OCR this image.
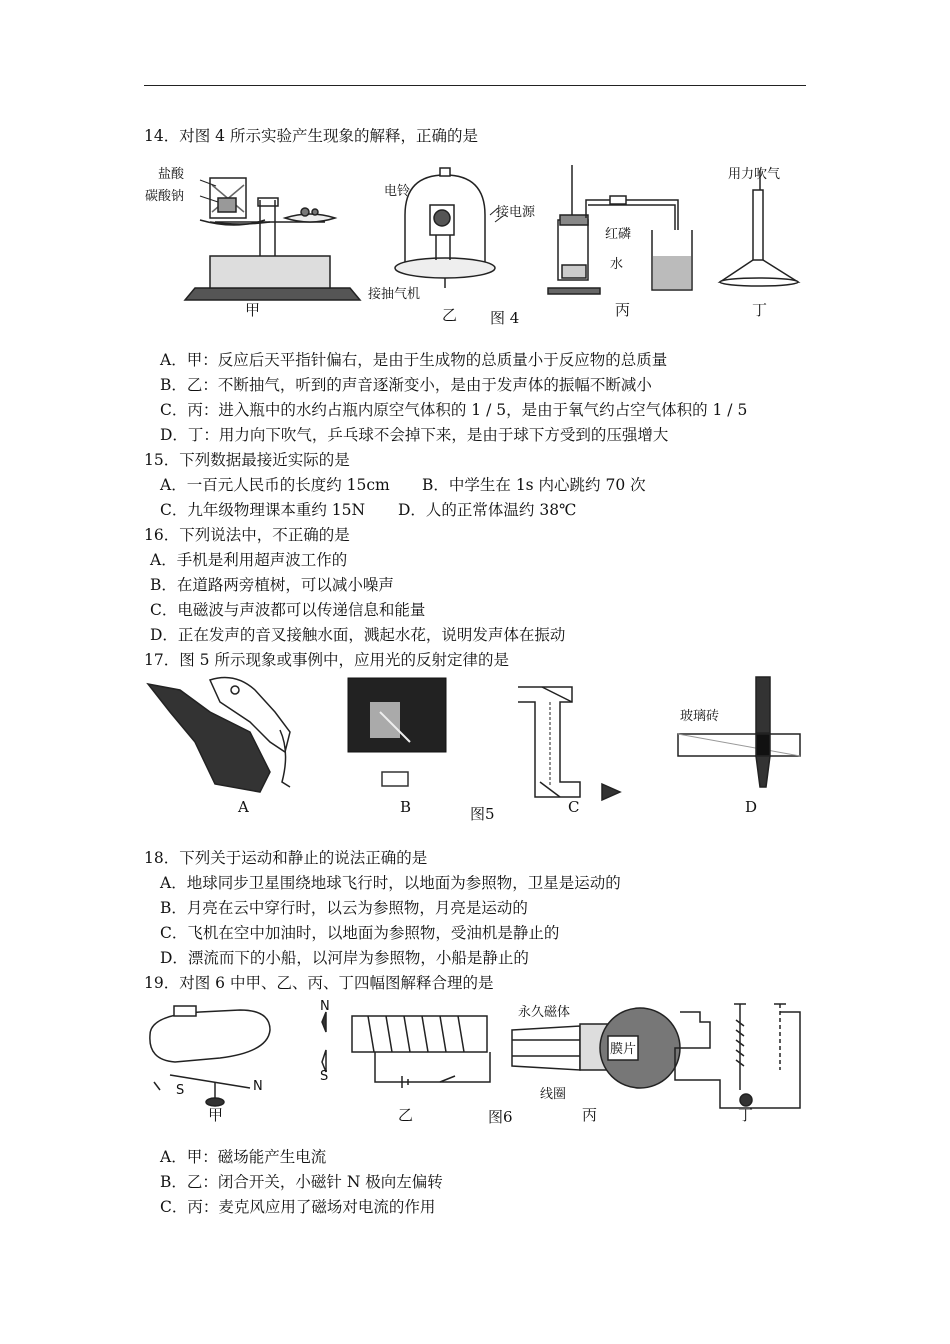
14．对图 4 所示实验产生现象的解释，正确的是
盐酸
碳酸钠
甲
电铃
接电源
接抽气机
乙 图 4
红磷
水
丙
用力吹气
丁
A．甲：反应后天平指针偏右，是由于生成物的总质量小于反应物的总质量
B．乙：不断抽气，听到的声音逐渐变小，是由于发声体的振幅不断减小
C．丙：进入瓶中的水约占瓶内原空气体积的 1 / 5，是由于氧气约占空气体积的 1 / 5
D．丁：用力向下吹气，乒乓球不会掉下来，是由于球下方受到的压强增大
15．下列数据最接近实际的是
A．一百元人民币的长度约 15cm B．中学生在 1s 内心跳约 70 次
C．九年级物理课本重约 15N D．人的正常体温约 38℃
16．下列说法中，不正确的是
A．手机是利用超声波工作的
B．在道路两旁植树，可以减小噪声
C．电磁波与声波都可以传递信息和能量
D．正在发声的音叉接触水面，溅起水花，说明发声体在振动
17．图 5 所示现象或事例中，应用光的反射定律的是
A	B	C
玻璃砖
D
图5
18．下列关于运动和静止的说法正确的是
A．地球同步卫星围绕地球飞行时，以地面为参照物，卫星是运动的
B．月亮在云中穿行时，以云为参照物，月亮是运动的
C．飞机在空中加油时，以地面为参照物，受油机是静止的
D．漂流而下的小船，以河岸为参照物，小船是静止的
19．对图 6 中甲、乙、丙、丁四幅图解释合理的是
S	N
甲
N
S
乙
永久磁体
膜片
线圈
丙	丁
图6
A．甲：磁场能产生电流
B．乙：闭合开关，小磁针 N 极向左偏转
C．丙：麦克风应用了磁场对电流的作用
